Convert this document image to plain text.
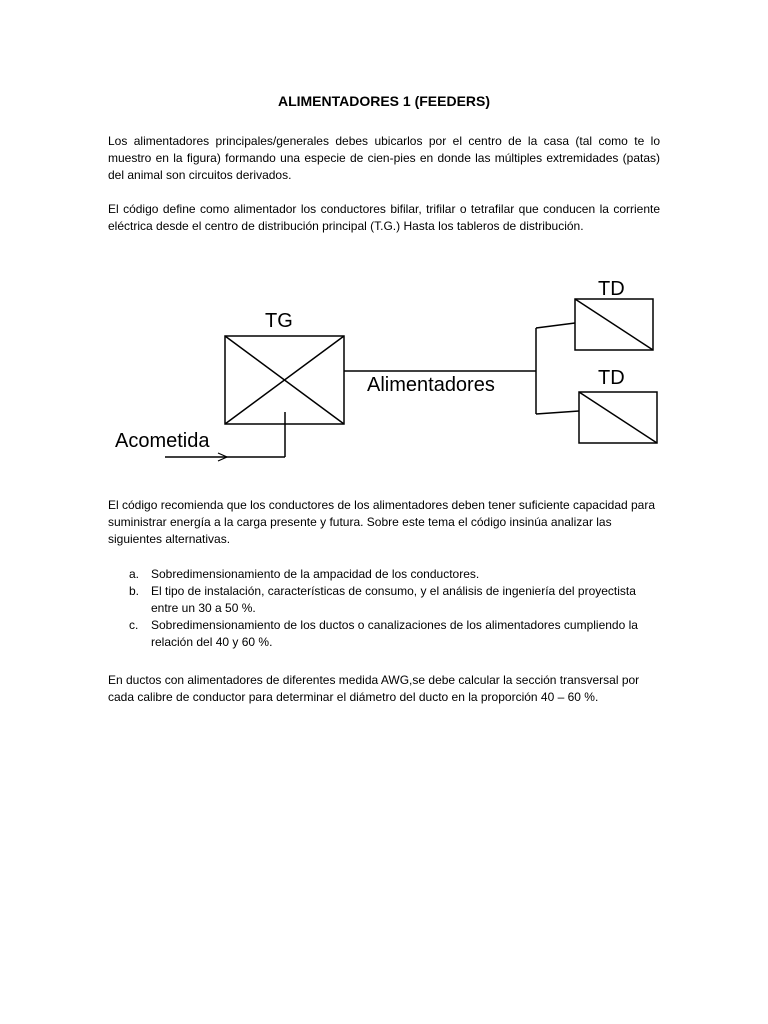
ALIMENTADORES 1 (FEEDERS)

Los alimentadores principales/generales debes ubicarlos por el centro de la casa (tal como te lo muestro en la figura) formando una especie de cien-pies en donde las múltiples extremidades (patas) del animal son circuitos derivados.

El código define como alimentador los conductores bifilar, trifilar o tetrafilar que conducen la corriente eléctrica desde el centro de distribución principal (T.G.) Hasta los tableros de distribución.

TG
TD
TD
Alimentadores
Acometida

El código recomienda que los conductores de los alimentadores deben tener suficiente capacidad para suministrar energía a la carga presente y futura. Sobre este tema el código insinúa analizar las siguientes alternativas.

a. Sobredimensionamiento de la ampacidad de los conductores.
b. El tipo de instalación, características de consumo, y el análisis de ingeniería del proyectista entre un 30 a 50 %.
c. Sobredimensionamiento de los ductos o canalizaciones de los alimentadores cumpliendo la relación del 40 y 60 %.

En ductos con alimentadores de diferentes medida AWG,se debe calcular la sección transversal por cada calibre de conductor para determinar el diámetro del ducto en la proporción 40 – 60 %.
